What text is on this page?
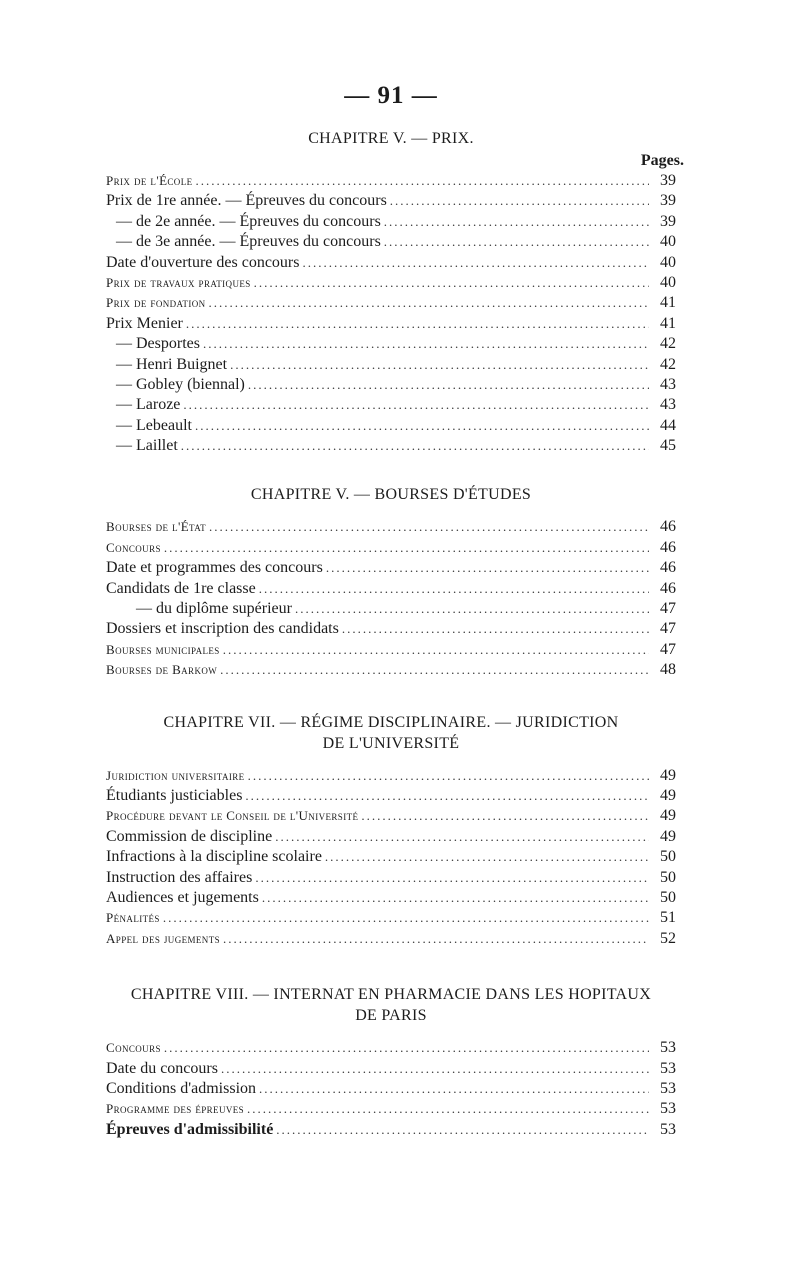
— 91 —
CHAPITRE V. — PRIX.
Pages.
Prix de l'École .....	39
Prix de 1re année. — Épreuves du concours .....	39
— de 2e année. — Épreuves du concours .....	39
— de 3e année. — Épreuves du concours .....	40
Date d'ouverture des concours .....	40
Prix de travaux pratiques .....	40
Prix de fondation .....	41
Prix Menier .....	41
— Desportes .....	42
— Henri Buignet .....	42
— Gobley (biennal) .....	43
— Laroze .....	43
— Lebeault .....	44
— Laillet .....	45
CHAPITRE V. — BOURSES D'ÉTUDES
Bourses de l'État .....	46
Concours .....	46
Date et programmes des concours .....	46
Candidats de 1re classe .....	46
— du diplôme supérieur .....	47
Dossiers et inscription des candidats .....	47
Bourses municipales .....	47
Bourses de Barkow .....	48
CHAPITRE VII. — RÉGIME DISCIPLINAIRE. — JURIDICTION
DE L'UNIVERSITÉ
Juridiction universitaire .....	49
Étudiants justiciables .....	49
Procédure devant le Conseil de l'Université .....	49
Commission de discipline .....	49
Infractions à la discipline scolaire .....	50
Instruction des affaires .....	50
Audiences et jugements .....	50
Pénalités .....	51
Appel des jugements .....	52
CHAPITRE VIII. — INTERNAT EN PHARMACIE DANS LES HOPITAUX
DE PARIS
Concours .....	53
Date du concours .....	53
Conditions d'admission .....	53
Programme des épreuves .....	53
Épreuves d'admissibilité .....	53
